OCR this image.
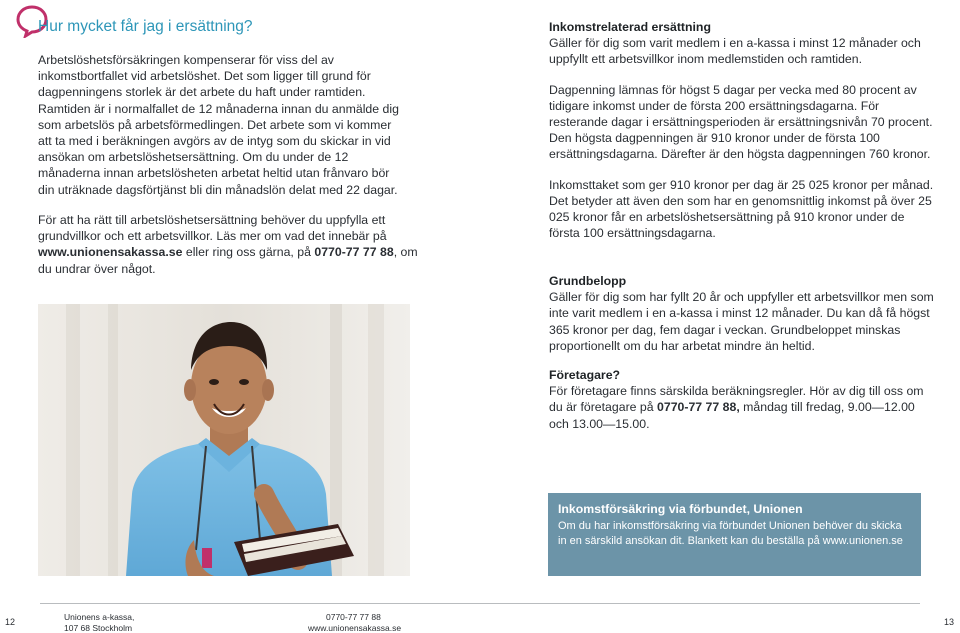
Hur mycket får jag i ersättning?

Arbetslöshetsförsäkringen kompenserar för viss del av inkomstbortfallet vid arbetslöshet. Det som ligger till grund för dagpenningens storlek är det arbete du haft under ramtiden. Ramtiden är i normalfallet de 12 månaderna innan du anmälde dig som arbetslös på arbetsförmedlingen. Det arbete som vi kommer att ta med i beräkningen avgörs av de intyg som du skickar in vid ansökan om arbetslöshetsersättning. Om du under de 12 månaderna innan arbetslösheten arbetat heltid utan frånvaro bör din uträknade dagsförtjänst bli din månadslön delat med 22 dagar.

För att ha rätt till arbetslöshetsersättning behöver du uppfylla ett grundvillkor och ett arbetsvillkor. Läs mer om vad det innebär på www.unionensakassa.se eller ring oss gärna, på 0770-77 77 88, om du undrar över något.

Inkomstrelaterad ersättning

Gäller för dig som varit medlem i en a-kassa i minst 12 månader och uppfyllt ett arbetsvillkor inom medlemstiden och ramtiden.

Dagpenning lämnas för högst 5 dagar per vecka med 80 procent av tidigare inkomst under de första 200 ersättningsdagarna. För resterande dagar i ersättningsperioden är ersättningsnivån 70 procent. Den högsta dagpenningen är 910 kronor under de första 100 ersättningsdagarna. Därefter är den högsta dagpenningen 760 kronor.

Inkomsttaket som ger 910 kronor per dag är 25 025 kronor per månad. Det betyder att även den som har en genomsnittlig inkomst på över 25 025 kronor får en arbetslöshetsersättning på 910 kronor under de första 100 ersättningsdagarna.

Grundbelopp

Gäller för dig som har fyllt 20 år och uppfyller ett arbetsvillkor men som inte varit medlem i en a-kassa i minst 12 månader. Du kan då få högst 365 kronor per dag, fem dagar i veckan. Grundbeloppet minskas proportionellt om du har arbetat mindre än heltid.

Företagare?

För företagare finns särskilda beräkningsregler. Hör av dig till oss om du är företagare på 0770-77 77 88, måndag till fredag, 9.00—12.00 och 13.00—15.00.

Inkomstförsäkring via förbundet, Unionen

Om du har inkomstförsäkring via förbundet Unionen behöver du skicka in en särskild ansökan dit. Blankett kan du beställa på www.unionen.se

12	Unionens a-kassa,
107 68 Stockholm
0770-77 77 88
www.unionensakassa.se
13
